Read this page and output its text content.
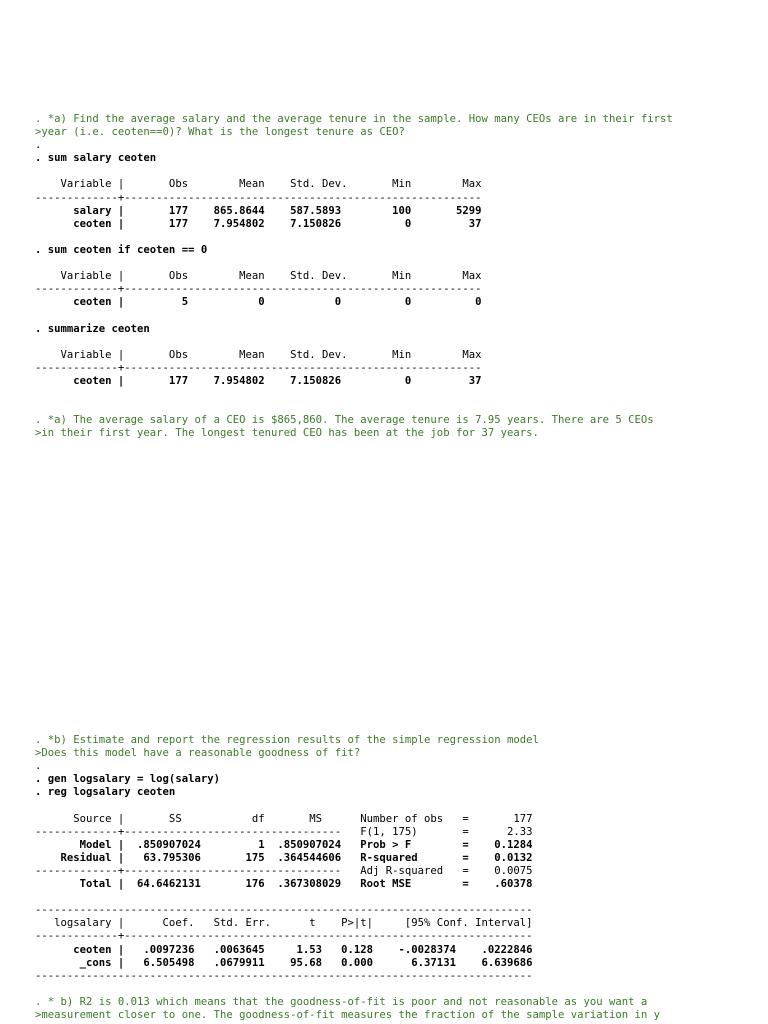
. *a) Find the average salary and the average tenure in the sample. How many CEOs are in their first
>year (i.e. ceoten==0)? What is the longest tenure as CEO?
.
. sum salary ceoten
Variable |       Obs        Mean    Std. Dev.       Min        Max
-------------+--------------------------------------------------------
salary |       177    865.8644    587.5893        100       5299
ceoten |       177    7.954802    7.150826          0         37
. sum ceoten if ceoten == 0
Variable |       Obs        Mean    Std. Dev.       Min        Max
-------------+--------------------------------------------------------
ceoten |         5           0           0          0          0
. summarize ceoten
Variable |       Obs        Mean    Std. Dev.       Min        Max
-------------+--------------------------------------------------------
ceoten |       177    7.954802    7.150826          0         37
. *a) The average salary of a CEO is $865,860. The average tenure is 7.95 years. There are 5 CEOs
>in their first year. The longest tenured CEO has been at the job for 37 years.
. *b) Estimate and report the regression results of the simple regression model
>Does this model have a reasonable goodness of fit?
.
. gen logsalary = log(salary)
. reg logsalary ceoten
Source |       SS           df       MS      Number of obs   =       177
-------------+----------------------------------   F(1, 175)       =      2.33
Model |  .850907024         1  .850907024   Prob > F        =    0.1284
Residual |   63.795306       175  .364544606   R-squared       =    0.0132
-------------+----------------------------------   Adj R-squared   =    0.0075
Total |  64.6462131       176  .367308029   Root MSE        =    .60378
------------------------------------------------------------------------------
logsalary |      Coef.   Std. Err.      t    P>|t|     [95% Conf. Interval]
-------------+----------------------------------------------------------------
ceoten |   .0097236   .0063645     1.53   0.128    -.0028374    .0222846
_cons |   6.505498   .0679911    95.68   0.000      6.37131    6.639686
------------------------------------------------------------------------------
. * b) R2 is 0.013 which means that the goodness-of-fit is poor and not reasonable as you want a
>measurement closer to one. The goodness-of-fit measures the fraction of the sample variation in y
